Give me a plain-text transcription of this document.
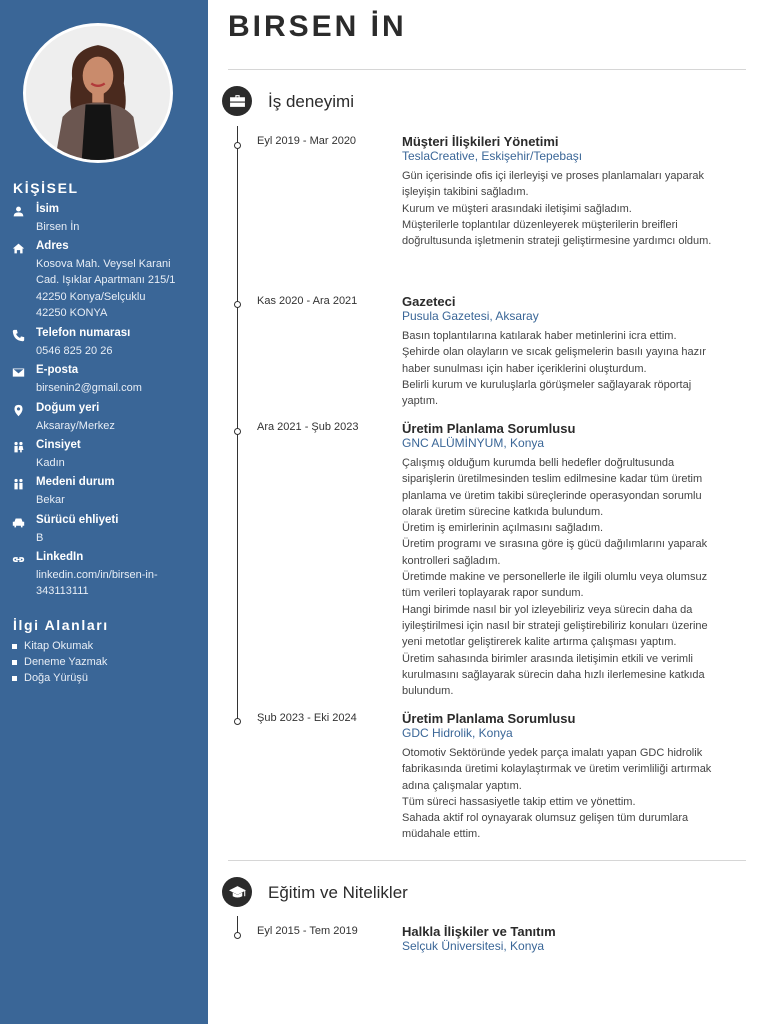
KİŞİSEL
İsim
Birsen İn
Adres
Kosova Mah. Veysel Karani
Cad. Işıklar Apartmanı 215/1
42250 Konya/Selçuklu
42250 KONYA
Telefon numarası
0546 825 20 26
E-posta
birsenin2@gmail.com
Doğum yeri
Aksaray/Merkez
Cinsiyet
Kadın
Medeni durum
Bekar
Sürücü ehliyeti
B
LinkedIn
linkedin.com/in/birsen-in-
343113111
İlgi Alanları
Kitap Okumak
Deneme Yazmak
Doğa Yürüşü
BIRSEN İN
İş deneyimi
Eyl 2019 - Mar 2020	Müşteri İlişkileri Yönetimi
TeslaCreative, Eskişehir/Tepebaşı
Gün içerisinde ofis içi ilerleyişi ve proses planlamaları yaparak
işleyişin takibini sağladım.
Kurum ve müşteri arasındaki iletişimi sağladım.
Müşterilerle toplantılar düzenleyerek müşterilerin breifleri
doğrultusunda işletmenin strateji geliştirmesine yardımcı oldum.
Kas 2020 - Ara 2021	Gazeteci
Pusula Gazetesi, Aksaray
Basın toplantılarına katılarak haber metinlerini icra ettim.
Şehirde olan olayların ve sıcak gelişmelerin basılı yayına hazır
haber sunulması için haber içeriklerini oluşturdum.
Belirli kurum ve kuruluşlarla görüşmeler sağlayarak röportaj
yaptım.
Ara 2021 - Şub 2023	Üretim Planlama Sorumlusu
GNC ALÜMİNYUM, Konya
Çalışmış olduğum kurumda belli hedefler doğrultusunda
siparişlerin üretilmesinden teslim edilmesine kadar tüm üretim
planlama ve üretim takibi süreçlerinde operasyondan sorumlu
olarak üretim sürecine katkıda bulundum.
Üretim iş emirlerinin açılmasını sağladım.
Üretim programı ve sırasına göre iş gücü dağılımlarını yaparak
kontrolleri sağladım.
Üretimde makine ve personellerle ile ilgili olumlu veya olumsuz
tüm verileri toplayarak rapor sundum.
Hangi birimde nasıl bir yol izleyebiliriz veya sürecin daha da
iyileştirilmesi için nasıl bir strateji geliştirebiliriz konuları üzerine
yeni metotlar geliştirerek kalite artırma çalışması yaptım.
Üretim sahasında birimler arasında iletişimin etkili ve verimli
kurulmasını sağlayarak sürecin daha hızlı ilerlemesine katkıda
bulundum.
Şub 2023 - Eki 2024	Üretim Planlama Sorumlusu
GDC Hidrolik, Konya
Otomotiv Sektöründe yedek parça imalatı yapan GDC hidrolik
fabrikasında üretimi kolaylaştırmak ve üretim verimliliği artırmak
adına çalışmalar yaptım.
Tüm süreci hassasiyetle takip ettim ve yönettim.
Sahada aktif rol oynayarak olumsuz gelişen tüm durumlara
müdahale ettim.
Eğitim ve Nitelikler
Eyl 2015 - Tem 2019	Halkla İlişkiler ve Tanıtım
Selçuk Üniversitesi, Konya
